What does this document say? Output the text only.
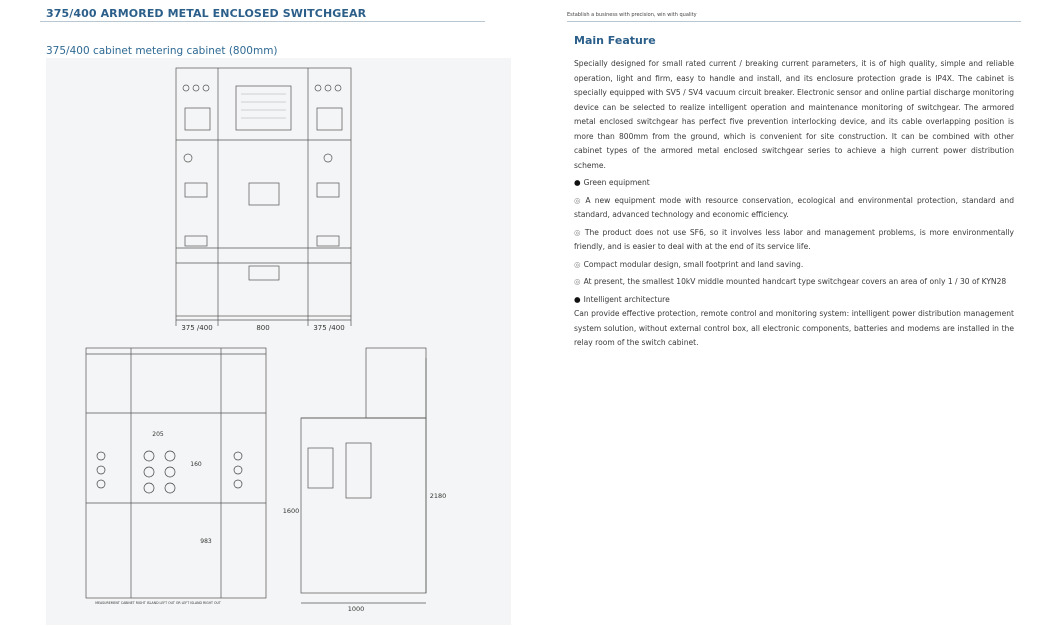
375/400 ARMORED METAL ENCLOSED SWITCHGEAR
375/400 cabinet metering cabinet (800mm)
375 /400	800	375 /400
205
160
983
MEASUREMENT CABINET RIGHT ISLAND LEFT OUT OR LEFT ISLAND RIGHT OUT
2180
1600
1000
Establish a business with precision, win with quality
Main Feature

Specially designed for small rated current / breaking current parameters, it is of high quality, simple and reliable operation, light and firm, easy to handle and install, and its enclosure protection grade is IP4X. The cabinet is specially equipped with SV5 / SV4 vacuum circuit breaker. Electronic sensor and online partial discharge monitoring device can be selected to realize intelligent operation and maintenance monitoring of switchgear. The armored metal enclosed switchgear has perfect five prevention interlocking device, and its cable overlapping position is more than 800mm from the ground, which is convenient for site construction. It can be combined with other cabinet types of the armored metal enclosed switchgear series to achieve a high current power distribution scheme.

● Green equipment

◎ A new equipment mode with resource conservation, ecological and environmental protection, standard and standard, advanced technology and economic efficiency.

◎ The product does not use SF6, so it involves less labor and management problems, is more environmentally friendly, and is easier to deal with at the end of its service life.

◎ Compact modular design, small footprint and land saving.

◎ At present, the smallest 10kV middle mounted handcart type switchgear covers an area of only 1 / 30 of KYN28

● Intelligent architecture

Can provide effective protection, remote control and monitoring system: intelligent power distribution management system solution, without external control box, all electronic components, batteries and modems are installed in the relay room of the switch cabinet.
